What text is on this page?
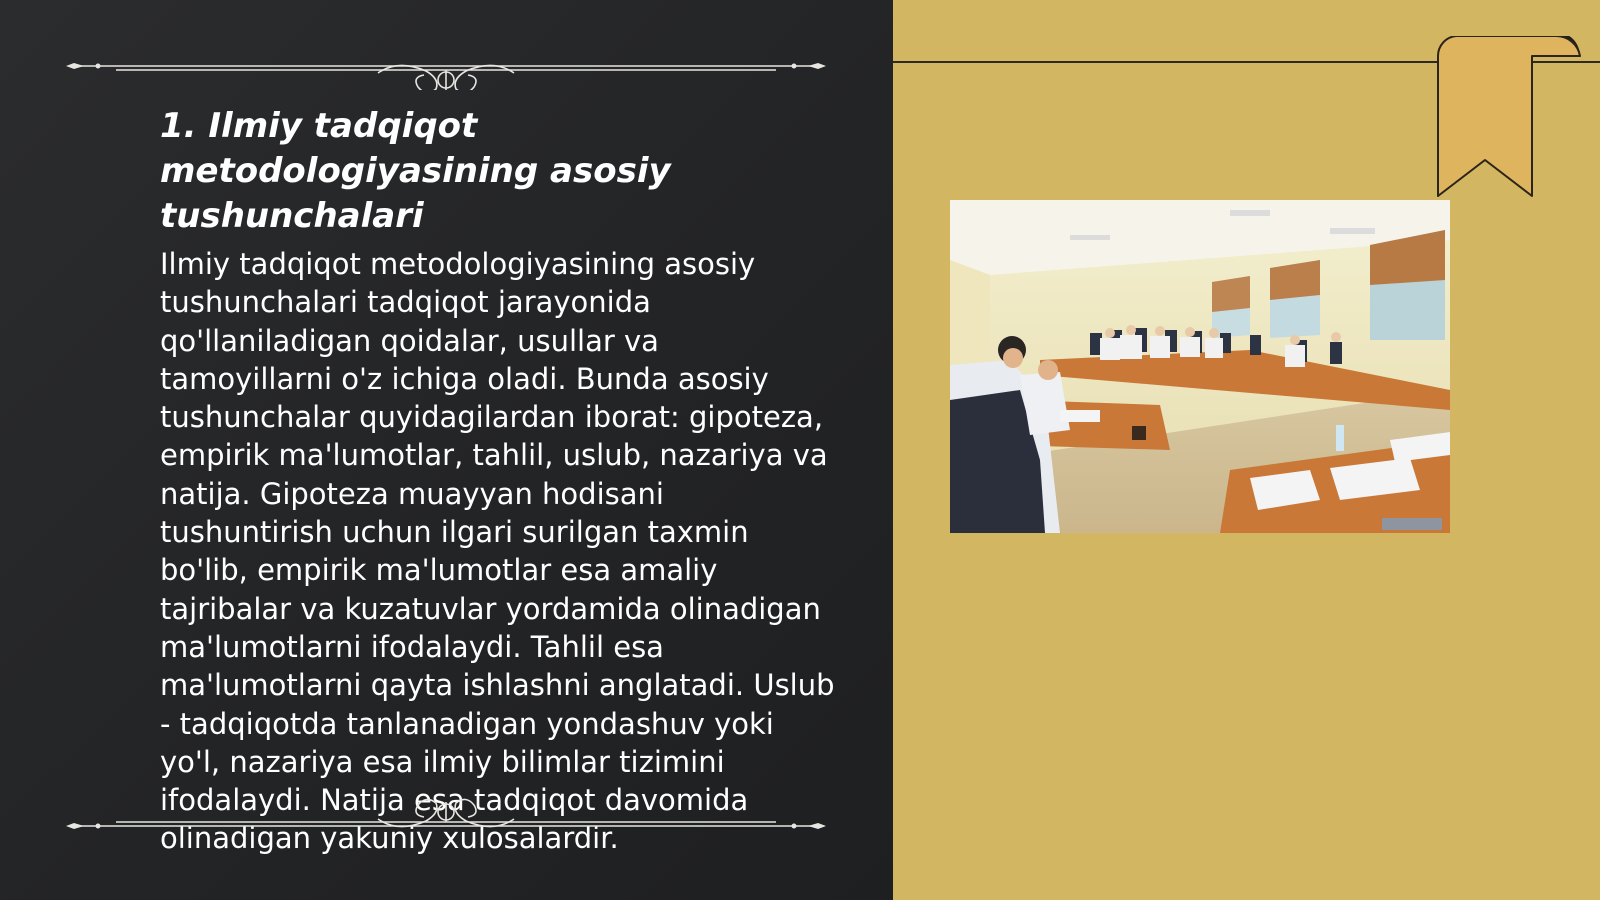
1. Ilmiy tadqiqot metodologiyasining asosiy tushunchalari

Ilmiy tadqiqot metodologiyasining asosiy tushunchalari tadqiqot jarayonida qo'llaniladigan qoidalar, usullar va tamoyillarni o'z ichiga oladi. Bunda asosiy tushunchalar quyidagilardan iborat: gipoteza, empirik ma'lumotlar, tahlil, uslub, nazariya va natija. Gipoteza muayyan hodisani tushuntirish uchun ilgari surilgan taxmin bo'lib, empirik ma'lumotlar esa amaliy tajribalar va kuzatuvlar yordamida olinadigan ma'lumotlarni ifodalaydi. Tahlil esa ma'lumotlarni qayta ishlashni anglatadi. Uslub - tadqiqotda tanlanadigan yondashuv yoki yo'l, nazariya esa ilmiy bilimlar tizimini ifodalaydi. Natija esa tadqiqot davomida olinadigan yakuniy xulosalardir.
